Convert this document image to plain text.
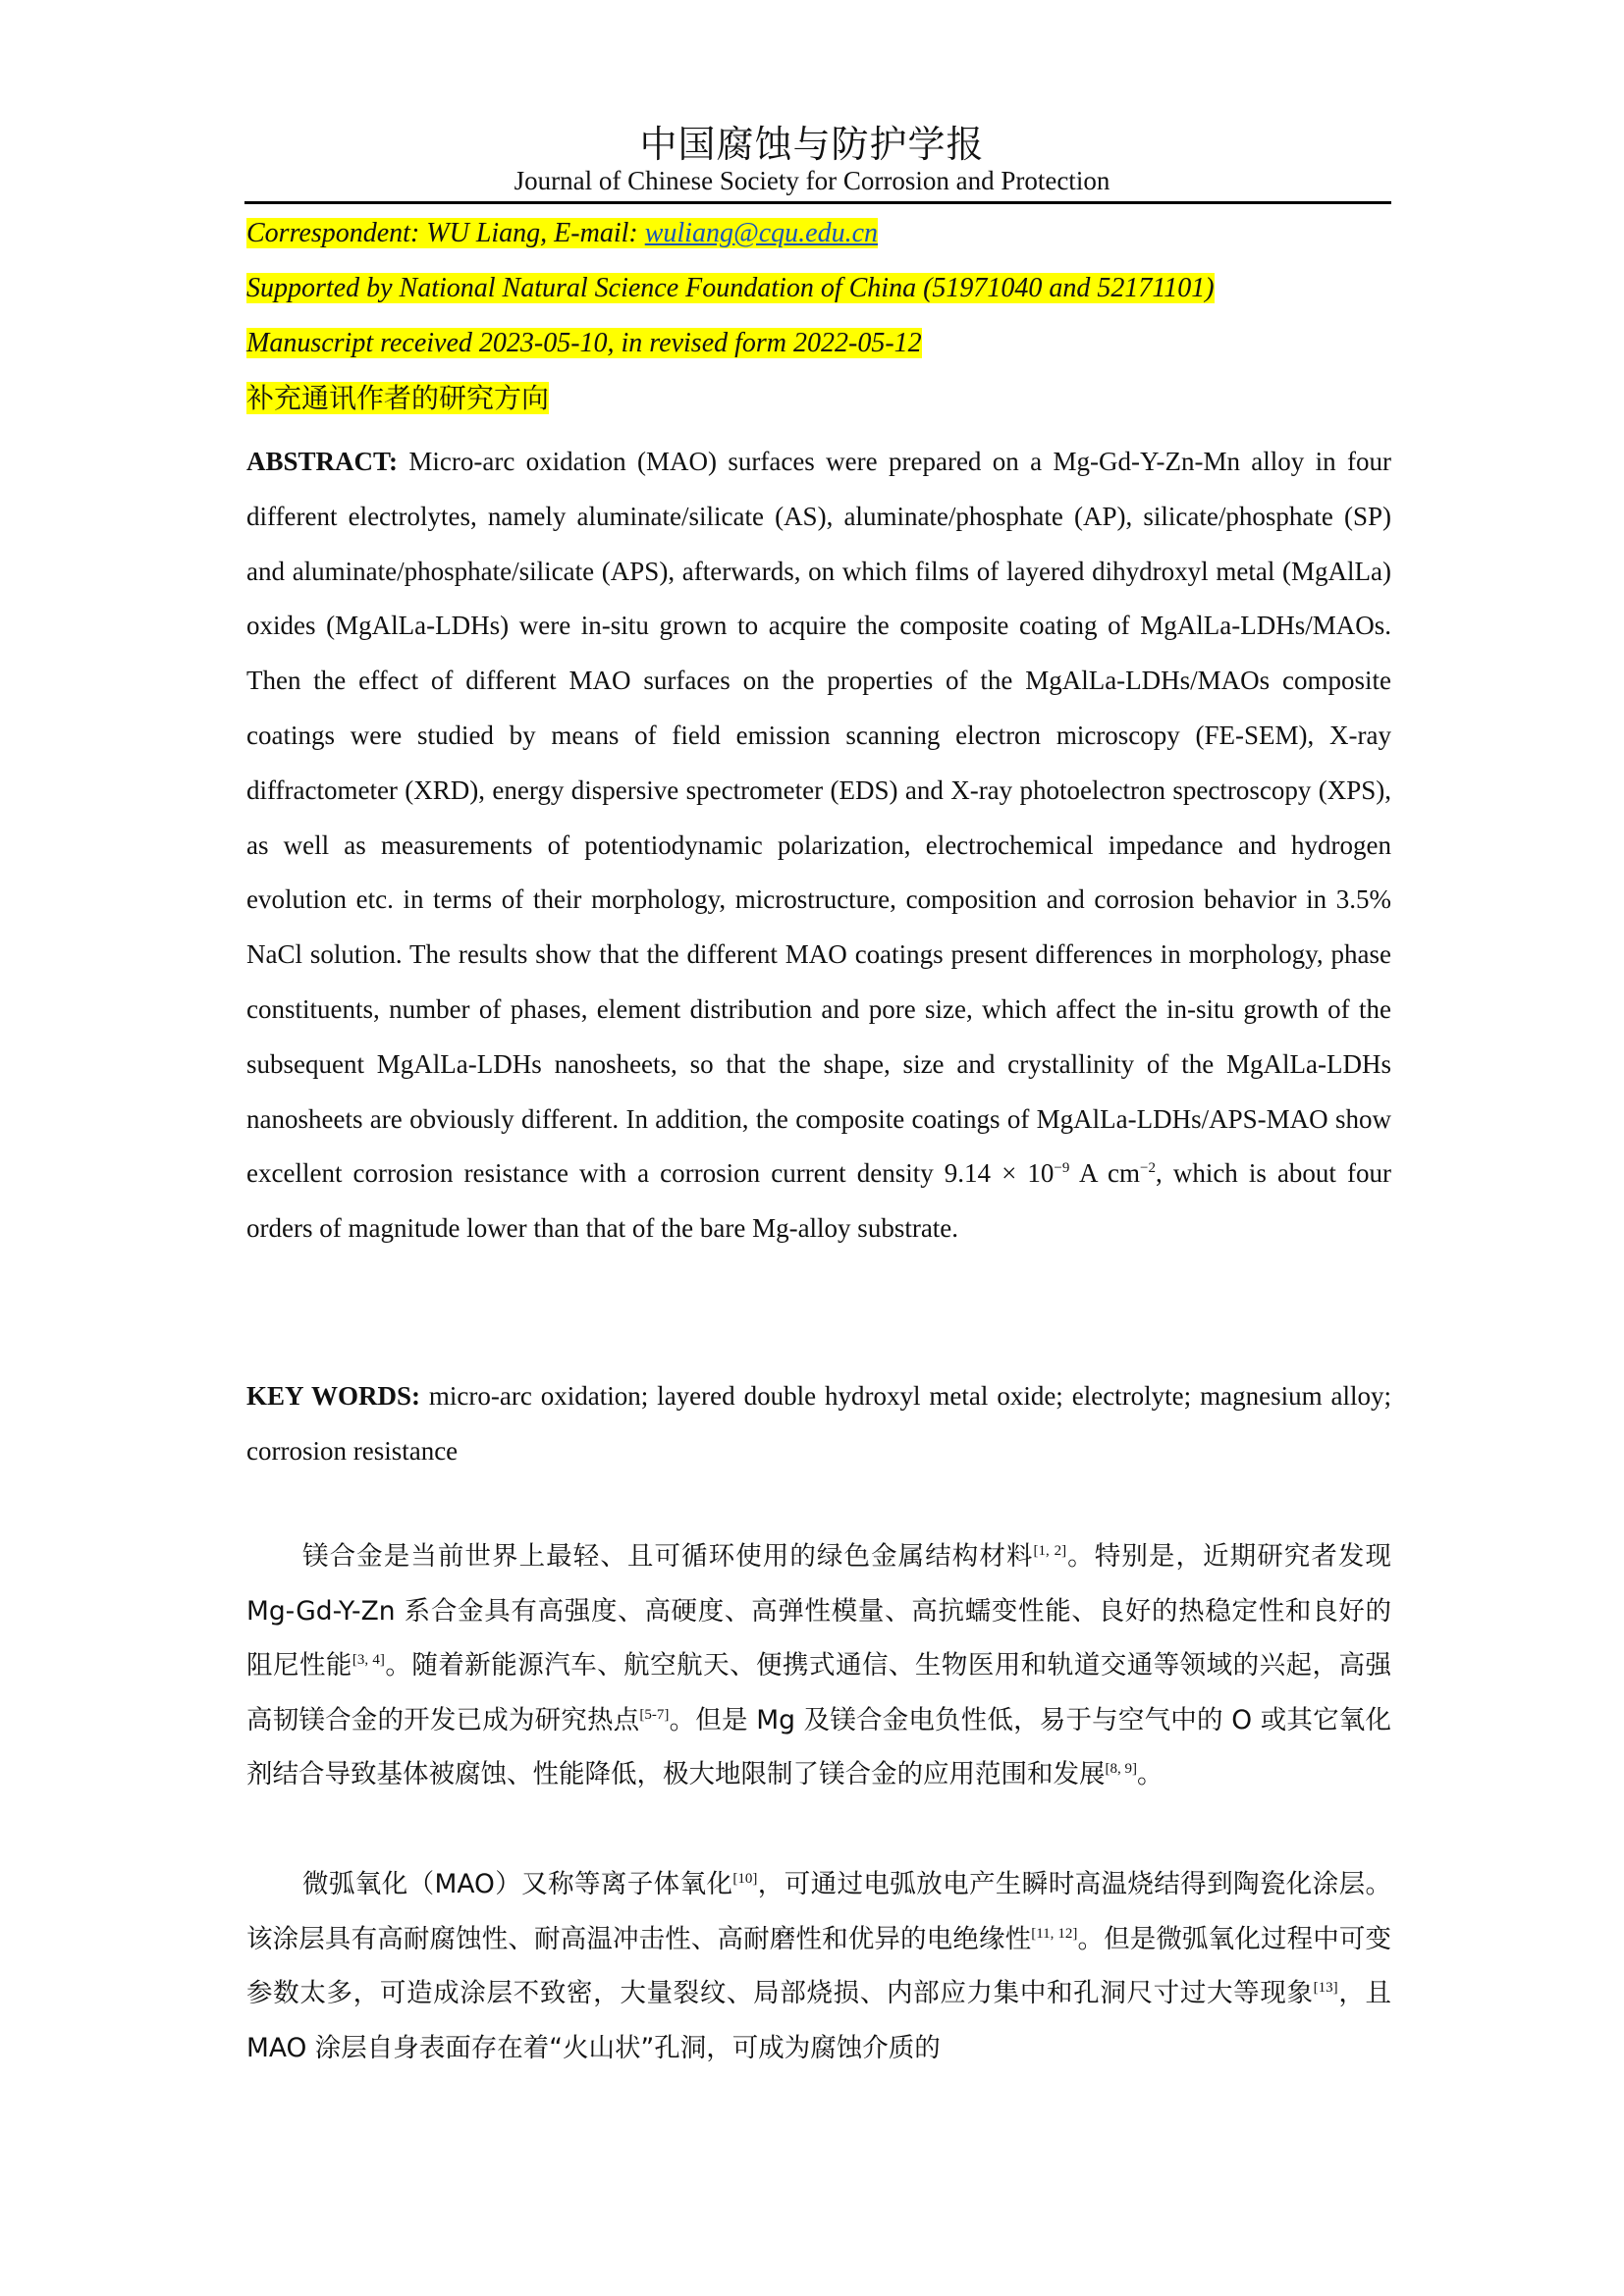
中国腐蚀与防护学报
Journal of Chinese Society for Corrosion and Protection
Correspondent: WU Liang, E-mail: wuliang@cqu.edu.cn
Supported by National Natural Science Foundation of China (51971040 and 52171101)
Manuscript received 2023-05-10, in revised form 2022-05-12
补充通讯作者的研究方向

ABSTRACT: Micro-arc oxidation (MAO) surfaces were prepared on a Mg-Gd-Y-Zn-Mn alloy in four different electrolytes, namely aluminate/silicate (AS), aluminate/phosphate (AP), silicate/phosphate (SP) and aluminate/phosphate/silicate (APS), afterwards, on which films of layered dihydroxyl metal (MgAlLa) oxides (MgAlLa-LDHs) were in-situ grown to acquire the composite coating of MgAlLa-LDHs/MAOs. Then the effect of different MAO surfaces on the properties of the MgAlLa-LDHs/MAOs composite coatings were studied by means of field emission scanning electron microscopy (FE-SEM), X-ray diffractometer (XRD), energy dispersive spectrometer (EDS) and X-ray photoelectron spectroscopy (XPS), as well as measurements of potentiodynamic polarization, electrochemical impedance and hydrogen evolution etc. in terms of their morphology, microstructure, composition and corrosion behavior in 3.5% NaCl solution. The results show that the different MAO coatings present differences in morphology, phase constituents, number of phases, element distribution and pore size, which affect the in-situ growth of the subsequent MgAlLa-LDHs nanosheets, so that the shape, size and crystallinity of the MgAlLa-LDHs nanosheets are obviously different. In addition, the composite coatings of MgAlLa-LDHs/APS-MAO show excellent corrosion resistance with a corrosion current density $9.14 \times 10^{-9}$ A $cm^{-2}$, which is about four orders of magnitude lower than that of the bare Mg-alloy substrate.

KEY WORDS: micro-arc oxidation; layered double hydroxyl metal oxide; electrolyte; magnesium alloy; corrosion resistance

镁合金是当前世界上最轻、且可循环使用的绿色金属结构材料[1, 2]。特别是，近期研究者发现 Mg-Gd-Y-Zn 系合金具有高强度、高硬度、高弹性模量、高抗蠕变性能、良好的热稳定性和良好的阻尼性能[3, 4]。随着新能源汽车、航空航天、便携式通信、生物医用和轨道交通等领域的兴起，高强高韧镁合金的开发已成为研究热点[5-7]。但是 Mg 及镁合金电负性低，易于与空气中的 O 或其它氧化剂结合导致基体被腐蚀、性能降低，极大地限制了镁合金的应用范围和发展[8, 9]。

微弧氧化（MAO）又称等离子体氧化[10]，可通过电弧放电产生瞬时高温烧结得到陶瓷化涂层。该涂层具有高耐腐蚀性、耐高温冲击性、高耐磨性和优异的电绝缘性[11, 12]。但是微弧氧化过程中可变参数太多，可造成涂层不致密，大量裂纹、局部烧损、内部应力集中和孔洞尺寸过大等现象[13]，且 MAO 涂层自身表面存在着“火山状”孔洞，可成为腐蚀介质的
